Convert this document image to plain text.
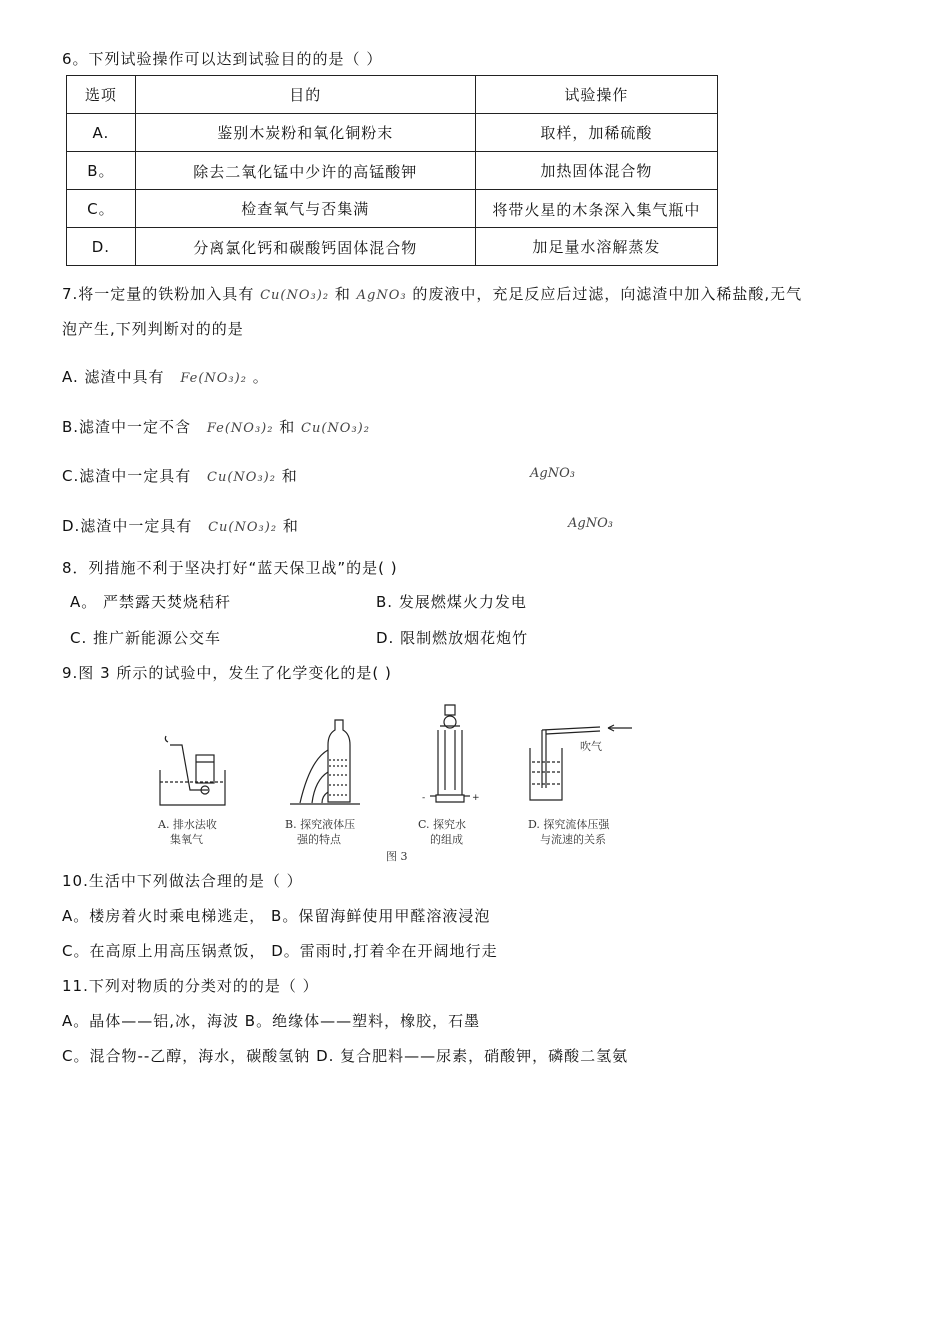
6。下列试验操作可以达到试验目的的是（ ）
选项	目的	试验操作
A.	鉴别木炭粉和氧化铜粉末	取样，加稀硫酸
B。	除去二氧化锰中少许的高锰酸钾	加热固体混合物
C。	检查氧气与否集满	将带火星的木条深入集气瓶中

D.	分离氯化钙和碳酸钙固体混合物	加足量水溶解蒸发
7.将一定量的铁粉加入具有 Cu(NO₃)₂ 和 AgNO₃ 的废液中，充足反应后过滤，向滤渣中加入稀盐酸,无气
泡产生,下列判断对的的是
A. 滤渣中具有 Fe(NO₃)₂ 。
B.滤渣中一定不含 Fe(NO₃)₂ 和 Cu(NO₃)₂
C.滤渣中一定具有 Cu(NO₃)₂ 和	AgNO₃
D.滤渣中一定具有 Cu(NO₃)₂ 和	AgNO₃
8．列措施不利于坚决打好“蓝天保卫战”的是( )
A。 严禁露天焚烧秸秆	B. 发展燃煤火力发电
C. 推广新能源公交车	D. 限制燃放烟花炮竹
9.图 3 所示的试验中，发生了化学变化的是( )
-	+
吹气
A. 排水法收
集氧气
B. 探究液体压
强的特点
C. 探究水
的组成
D. 探究流体压强
与流速的关系
图 3
10.生活中下列做法合理的是（ ）
A。楼房着火时乘电梯逃走， B。保留海鲜使用甲醛溶液浸泡
C。在高原上用高压锅煮饭， D。雷雨时,打着伞在开阔地行走
11.下列对物质的分类对的的是（ ）
A。晶体——铝,冰，海波 B。绝缘体——塑料，橡胶，石墨
C。混合物--乙醇，海水，碳酸氢钠 D. 复合肥料——尿素，硝酸钾，磷酸二氢氨
